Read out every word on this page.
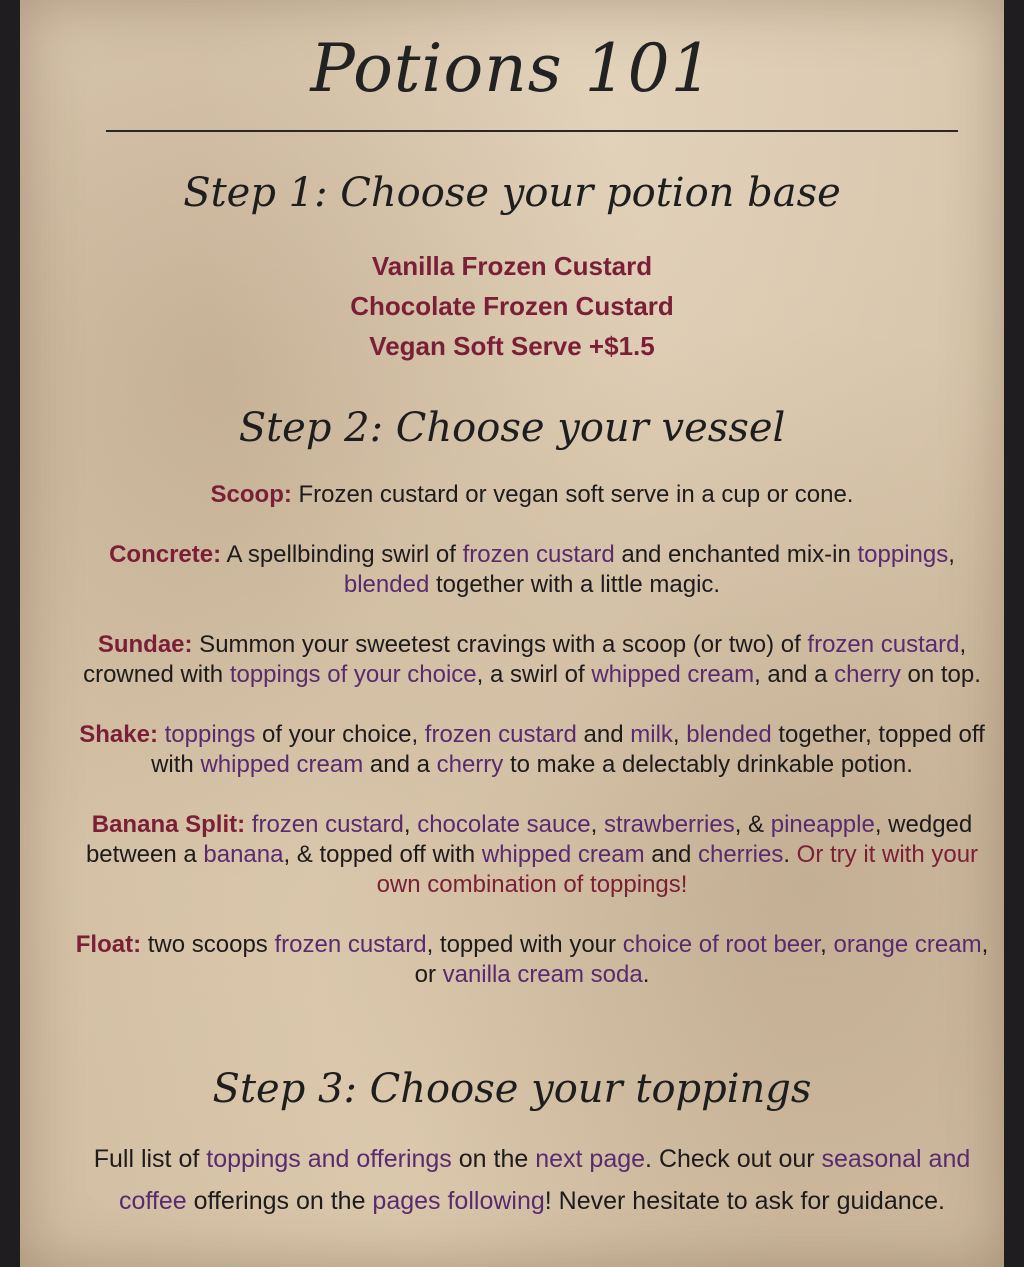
Potions 101
Step 1: Choose your potion base
Vanilla Frozen Custard
Chocolate Frozen Custard
Vegan Soft Serve +$1.5
Step 2: Choose your vessel
Scoop: Frozen custard or vegan soft serve in a cup or cone.
Concrete: A spellbinding swirl of frozen custard and enchanted mix-in toppings,
blended together with a little magic.
Sundae: Summon your sweetest cravings with a scoop (or two) of frozen custard, crowned with toppings of your choice, a swirl of whipped cream, and a cherry on top.
Shake: toppings of your choice, frozen custard and milk, blended together, topped off with whipped cream and a cherry to make a delectably drinkable potion.
Banana Split: frozen custard, chocolate sauce, strawberries, & pineapple, wedged between a banana, & topped off with whipped cream and cherries. Or try it with your own combination of toppings!
Float: two scoops frozen custard, topped with your choice of root beer, orange cream, or vanilla cream soda.
Step 3: Choose your toppings
Full list of toppings and offerings on the next page. Check out our seasonal and coffee offerings on the pages following! Never hesitate to ask for guidance.
